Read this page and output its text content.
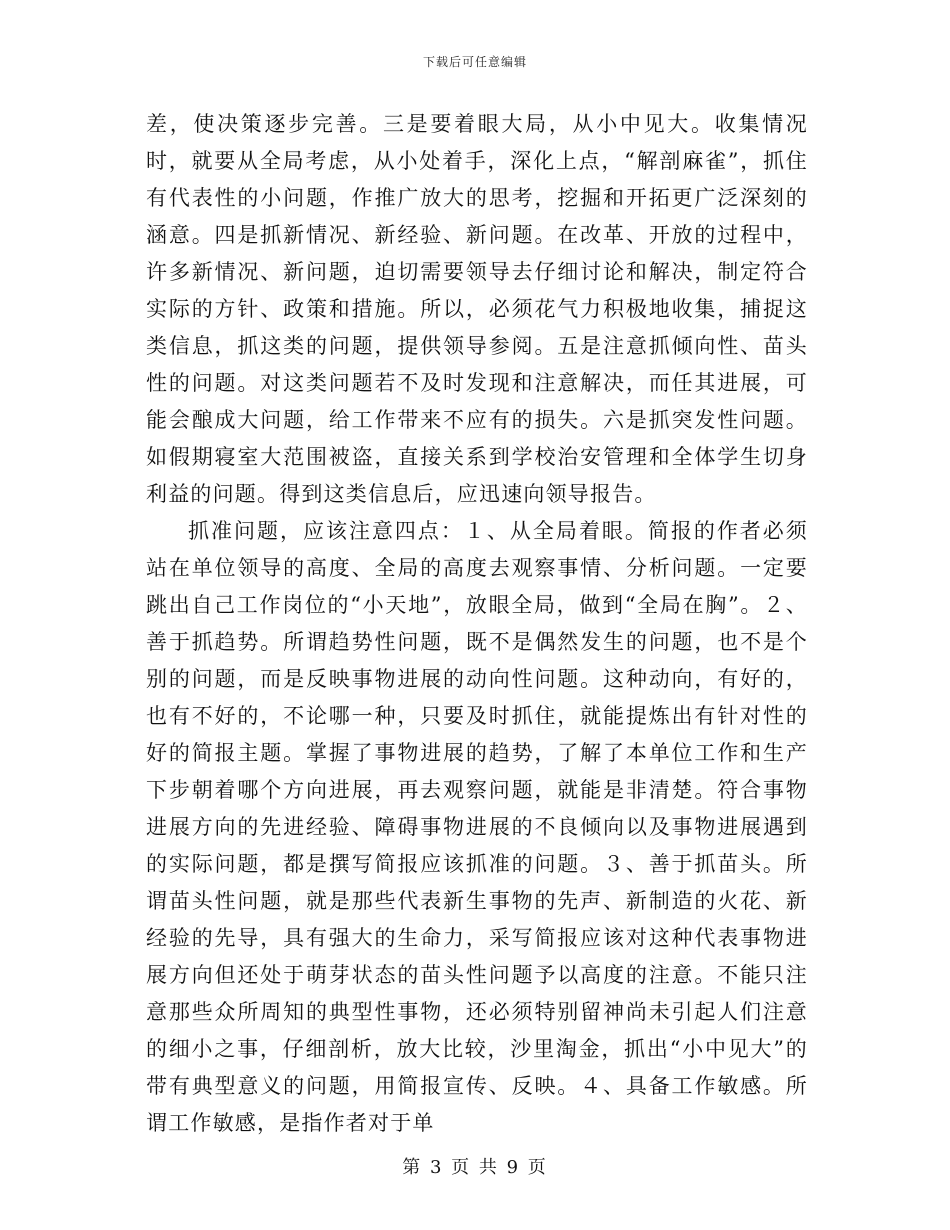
下载后可任意编辑

差，使决策逐步完善。三是要着眼大局，从小中见大。收集情况时，就要从全局考虑，从小处着手，深化上点，“解剖麻雀”，抓住有代表性的小问题，作推广放大的思考，挖掘和开拓更广泛深刻的涵意。四是抓新情况、新经验、新问题。在改革、开放的过程中，许多新情况、新问题，迫切需要领导去仔细讨论和解决，制定符合实际的方针、政策和措施。所以，必须花气力积极地收集，捕捉这类信息，抓这类的问题，提供领导参阅。五是注意抓倾向性、苗头性的问题。对这类问题若不及时发现和注意解决，而任其进展，可能会酿成大问题，给工作带来不应有的损失。六是抓突发性问题。如假期寝室大范围被盗，直接关系到学校治安管理和全体学生切身利益的问题。得到这类信息后，应迅速向领导报告。

抓准问题，应该注意四点：１、从全局着眼。简报的作者必须站在单位领导的高度、全局的高度去观察事情、分析问题。一定要跳出自己工作岗位的“小天地”，放眼全局，做到“全局在胸”。２、善于抓趋势。所谓趋势性问题，既不是偶然发生的问题，也不是个别的问题，而是反映事物进展的动向性问题。这种动向，有好的，也有不好的，不论哪一种，只要及时抓住，就能提炼出有针对性的好的简报主题。掌握了事物进展的趋势，了解了本单位工作和生产下步朝着哪个方向进展，再去观察问题，就能是非清楚。符合事物进展方向的先进经验、障碍事物进展的不良倾向以及事物进展遇到的实际问题，都是撰写简报应该抓准的问题。３、善于抓苗头。所谓苗头性问题，就是那些代表新生事物的先声、新制造的火花、新经验的先导，具有强大的生命力，采写简报应该对这种代表事物进展方向但还处于萌芽状态的苗头性问题予以高度的注意。不能只注意那些众所周知的典型性事物，还必须特别留神尚未引起人们注意的细小之事，仔细剖析，放大比较，沙里淘金，抓出“小中见大”的带有典型意义的问题，用简报宣传、反映。４、具备工作敏感。所谓工作敏感，是指作者对于单

第 3 页 共 9 页
